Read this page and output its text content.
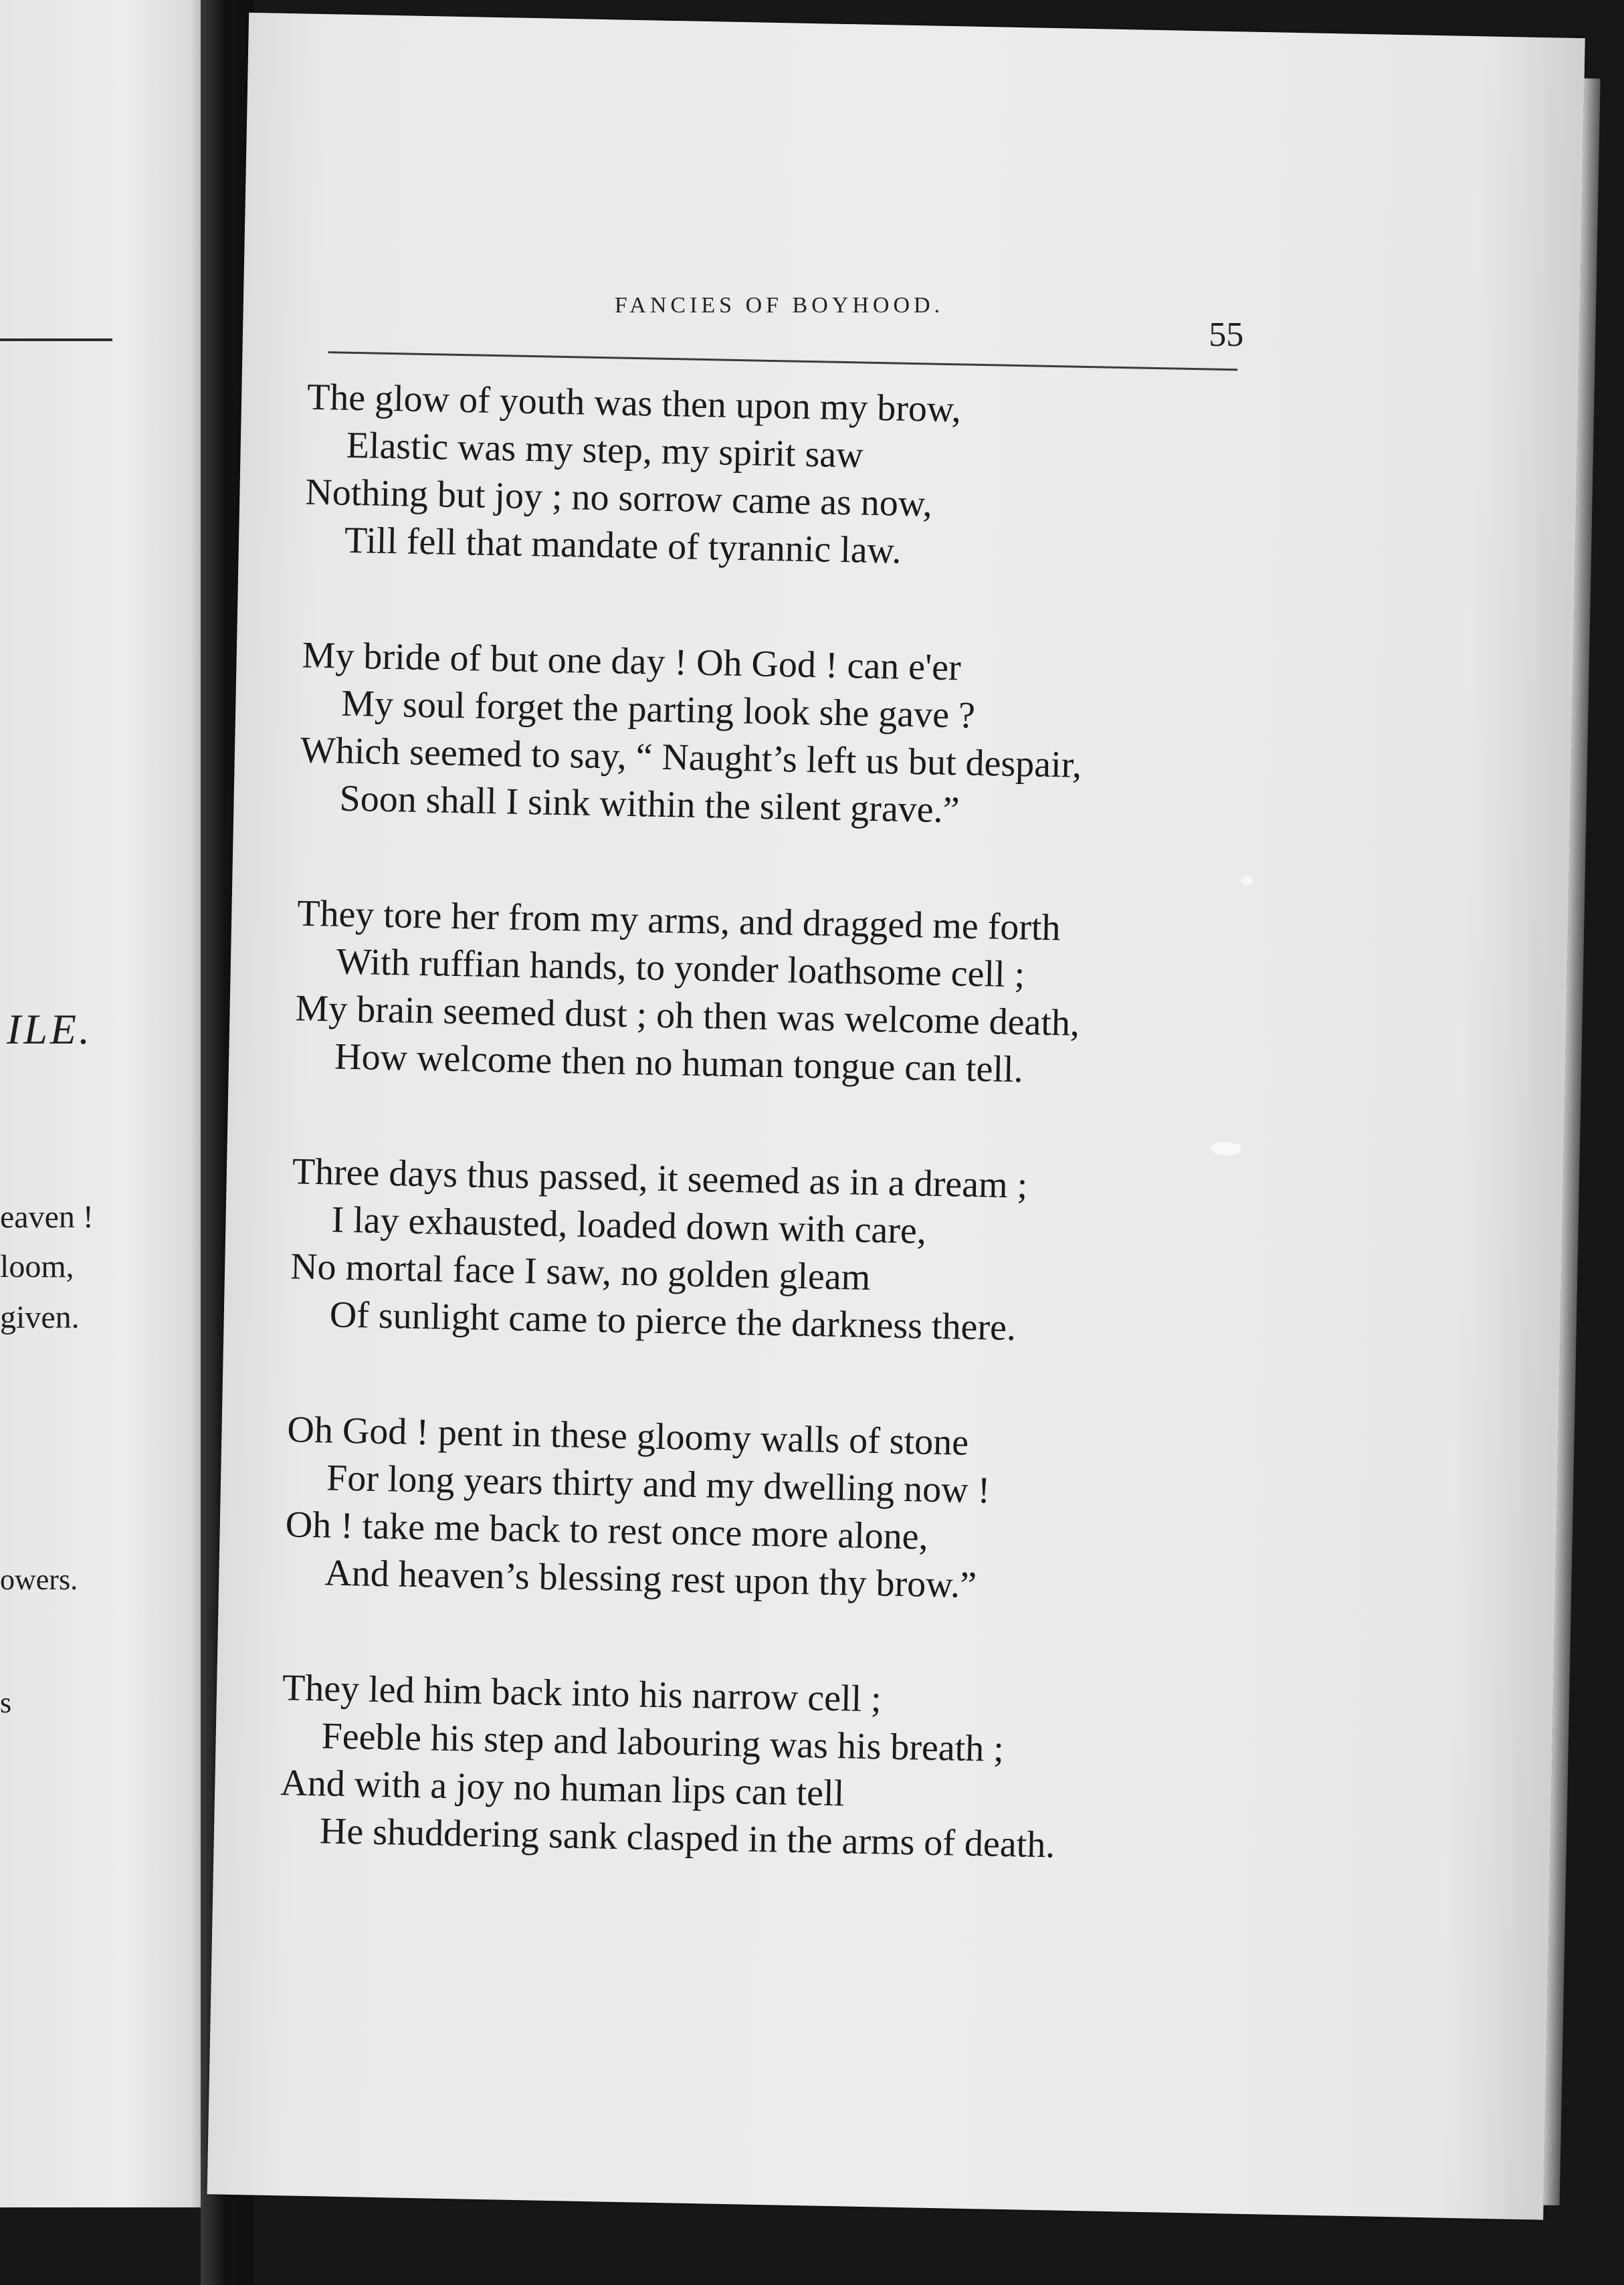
ILE.
eaven !
loom,
given.
owers.
s
FANCIES OF BOYHOOD.
55
The glow of youth was then upon my brow,
Elastic was my step, my spirit saw
Nothing but joy ; no sorrow came as now,
Till fell that mandate of tyrannic law.
My bride of but one day ! Oh God ! can e'er
My soul forget the parting look she gave ?
Which seemed to say, “ Naught’s left us but despair,
Soon shall I sink within the silent grave.”
They tore her from my arms, and dragged me forth
With ruffian hands, to yonder loathsome cell ;
My brain seemed dust ; oh then was welcome death,
How welcome then no human tongue can tell.
Three days thus passed, it seemed as in a dream ;
I lay exhausted, loaded down with care,
No mortal face I saw, no golden gleam
Of sunlight came to pierce the darkness there.
Oh God ! pent in these gloomy walls of stone
For long years thirty and my dwelling now !
Oh ! take me back to rest once more alone,
And heaven’s blessing rest upon thy brow.”
They led him back into his narrow cell ;
Feeble his step and labouring was his breath ;
And with a joy no human lips can tell
He shuddering sank clasped in the arms of death.
